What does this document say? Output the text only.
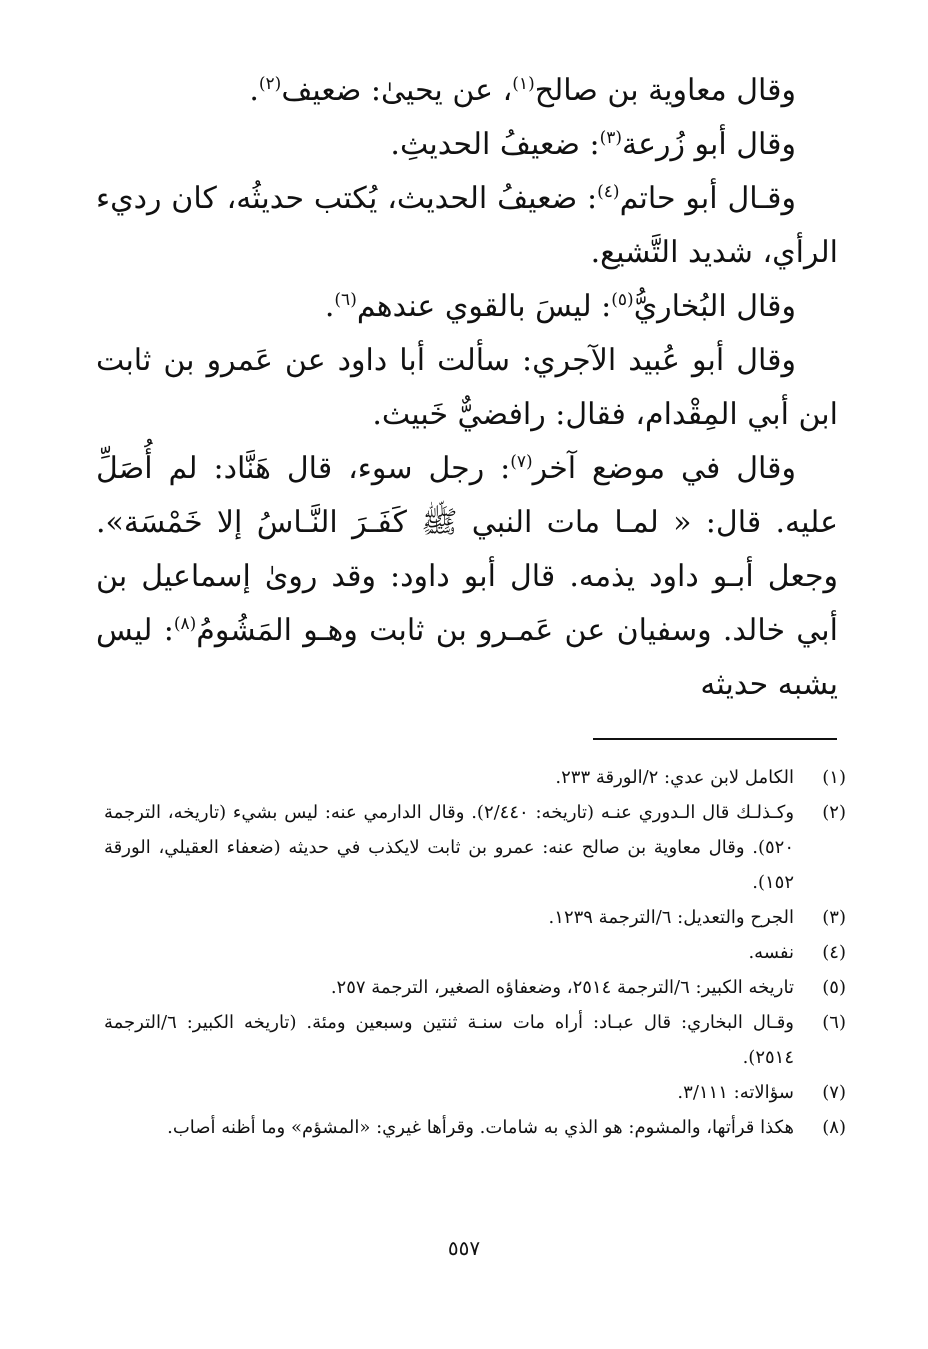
وقال معاوية بن صالح$^{(١)}$، عن يحيىٰ: ضعيف$^{(٢)}$.

وقال أبو زُرعة$^{(٣)}$: ضعيفُ الحديثِ.

وقـال أبو حاتم$^{(٤)}$: ضعيفُ الحديث، يُكتب حديثُه، كان رديء الرأي، شديد التَّشيع.

وقال البُخاريُّ$^{(٥)}$: ليسَ بالقوي عندهم$^{(٦)}$.

وقال أبو عُبيد الآجري: سألت أبا داود عن عَمرو بن ثابت ابن أبي المِقْدام، فقال: رافضيٌّ خَبيث.

وقال في موضع آخر$^{(٧)}$: رجل سوء، قال هَنَّاد: لم أُصَلِّ عليه. قال: « لمـا مات النبي ﷺ كَفَـرَ النَّـاسُ إلا خَمْسَة». وجعل أبـو داود يذمه. قال أبو داود: وقد روىٰ إسماعيل بن أبي خالد. وسفيان عن عَمـرو بن ثابت وهـو المَشُومُ$^{(٨)}$: ليس يشبه حديثه

(١)
الكامل لابن عدي: ٢/الورقة ٢٣٣.
(٢)
وكـذلـك قال الـدوري عنـه (تاريخه: ٢/٤٤٠). وقال الدارمي عنه: ليس بشيء (تاريخه، الترجمة ٥٢٠). وقال معاوية بن صالح عنه: عمرو بن ثابت لايكذب في حديثه (ضعفاء العقيلي، الورقة ١٥٢).
(٣)
الجرح والتعديل: ٦/الترجمة ١٢٣٩.
(٤)
نفسه.
(٥)
تاريخه الكبير: ٦/الترجمة ٢٥١٤، وضعفاؤه الصغير، الترجمة ٢٥٧.
(٦)
وقـال البخاري: قال عبـاد: أراه مات سنـة ثنتين وسبعين ومئة. (تاريخه الكبير: ٦/الترجمة ٢٥١٤).
(٧)
سؤالاته: ٣/١١١.
(٨)
هكذا قرأتها، والمشوم: هو الذي به شامات. وقرأها غيري: «المشؤم» وما أظنه أصاب.
٥٥٧
